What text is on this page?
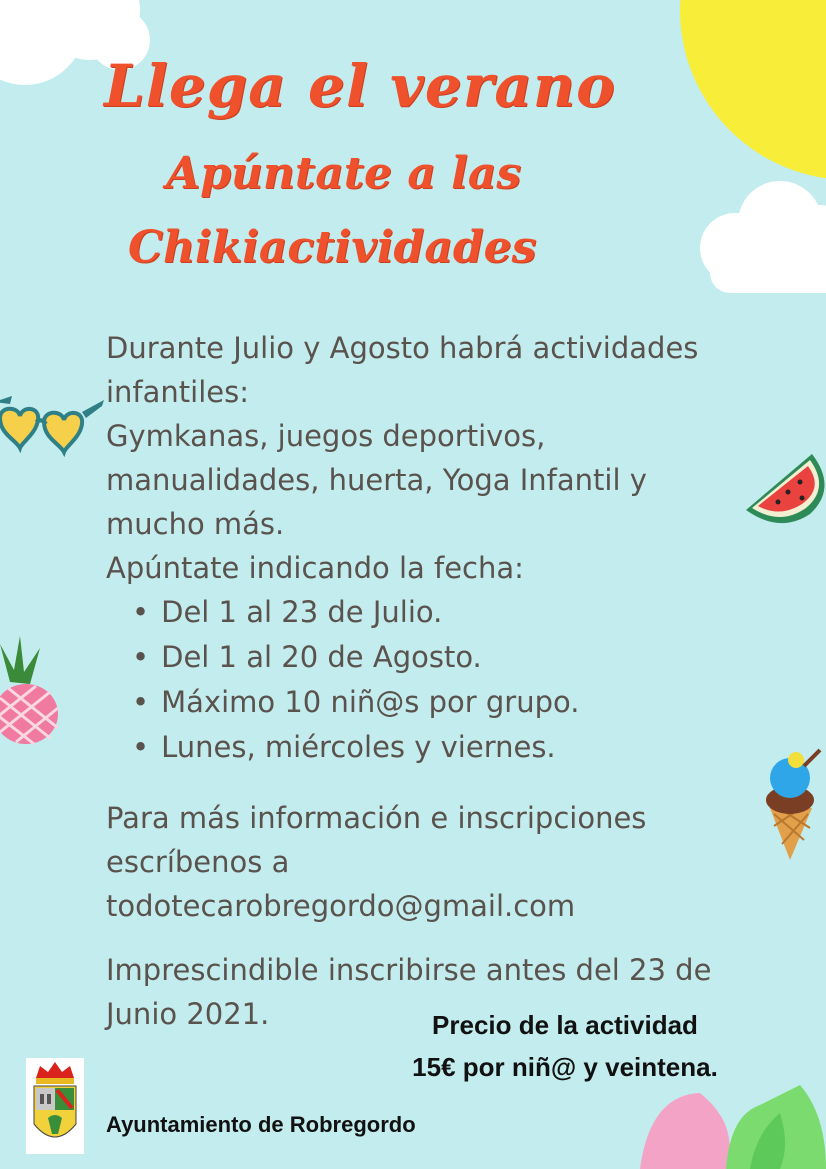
Llega el verano
Apúntate a las
Chikiactividades

Durante Julio y Agosto habrá actividades

infantiles:

Gymkanas, juegos deportivos,

manualidades, huerta, Yoga Infantil y

mucho más.

Apúntate indicando la fecha:

• Del 1 al 23 de Julio.
• Del 1 al 20 de Agosto.
• Máximo 10 niñ@s por grupo.
• Lunes, miércoles y viernes.

Para más información e inscripciones

escríbenos a

todotecarobregordo@gmail.com

Imprescindible inscribirse antes del 23 de

Junio 2021.	Precio de la actividad

15€ por niñ@ y veintena.

Ayuntamiento de Robregordo
